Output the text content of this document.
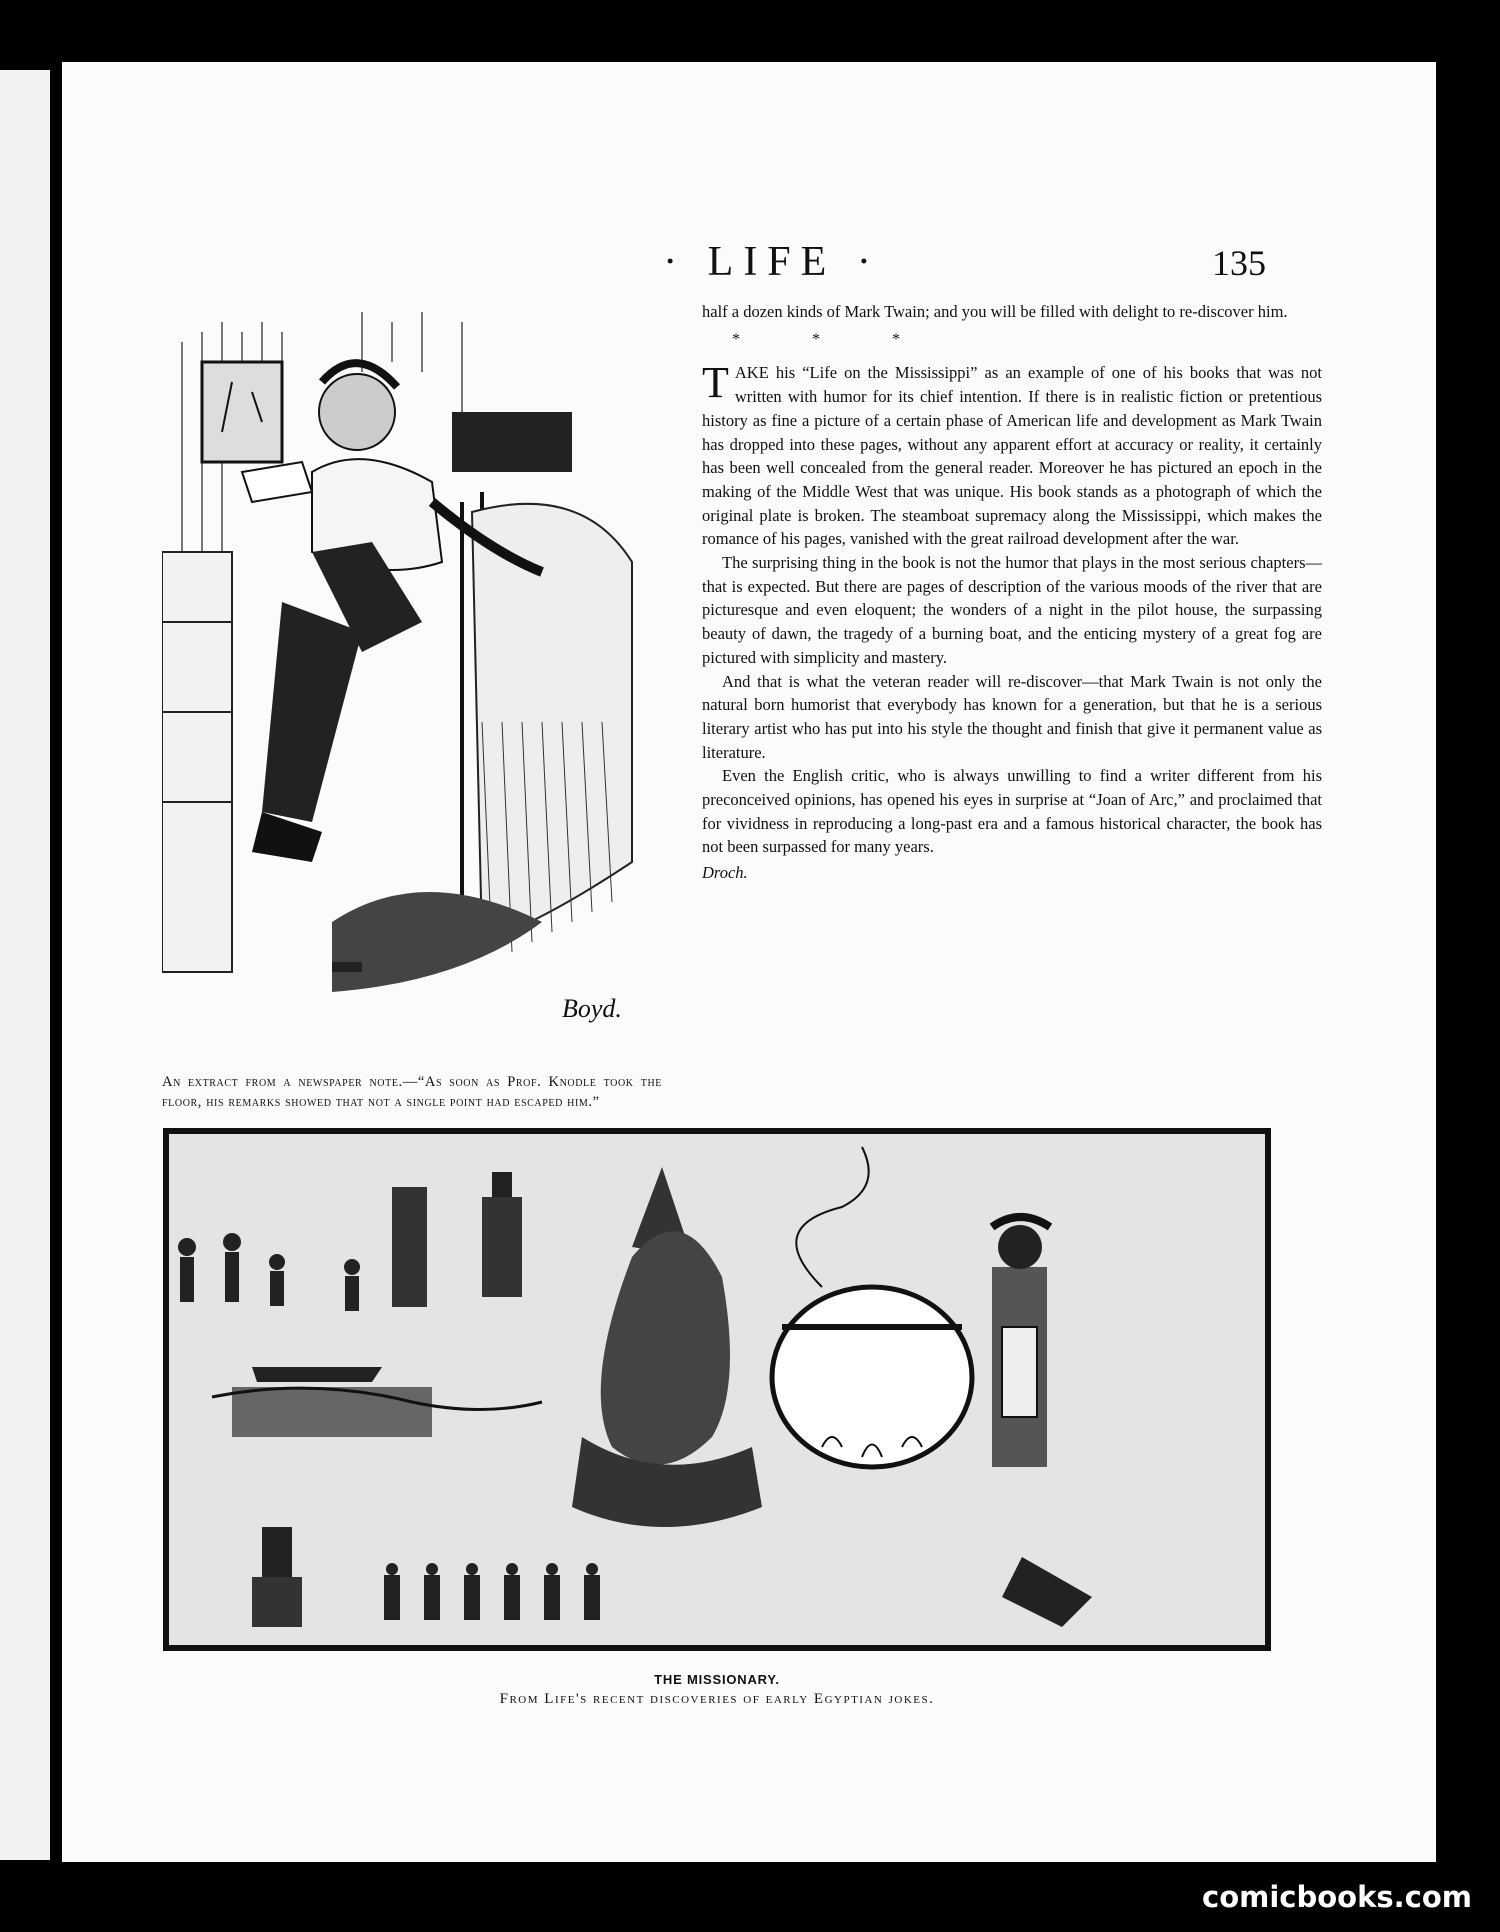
· LIFE ·	135
Boyd.
An extract from a newspaper note.—“As soon as Prof. Knodle took the floor, his remarks showed that not a single point had escaped him.”

half a dozen kinds of Mark Twain; and you will be filled with delight to re-discover him.

* * *

TAKE his “Life on the Mississippi” as an example of one of his books that was not written with humor for its chief intention. If there is in realistic fiction or pretentious history as fine a picture of a certain phase of American life and development as Mark Twain has dropped into these pages, without any apparent effort at accuracy or reality, it certainly has been well concealed from the general reader. Moreover he has pictured an epoch in the making of the Middle West that was unique. His book stands as a photograph of which the original plate is broken. The steamboat supremacy along the Mississippi, which makes the romance of his pages, vanished with the great railroad development after the war.

The surprising thing in the book is not the humor that plays in the most serious chapters—that is expected. But there are pages of description of the various moods of the river that are picturesque and even eloquent; the wonders of a night in the pilot house, the surpassing beauty of dawn, the tragedy of a burning boat, and the enticing mystery of a great fog are pictured with simplicity and mastery.

And that is what the veteran reader will re-discover—that Mark Twain is not only the natural born humorist that everybody has known for a generation, but that he is a serious literary artist who has put into his style the thought and finish that give it permanent value as literature.

Even the English critic, who is always unwilling to find a writer different from his preconceived opinions, has opened his eyes in surprise at “Joan of Arc,” and proclaimed that for vividness in reproducing a long-past era and a famous historical character, the book has not been surpassed for many years.

Droch.

THE MISSIONARY.
From Life's recent discoveries of early Egyptian jokes.
comicbooks.com
